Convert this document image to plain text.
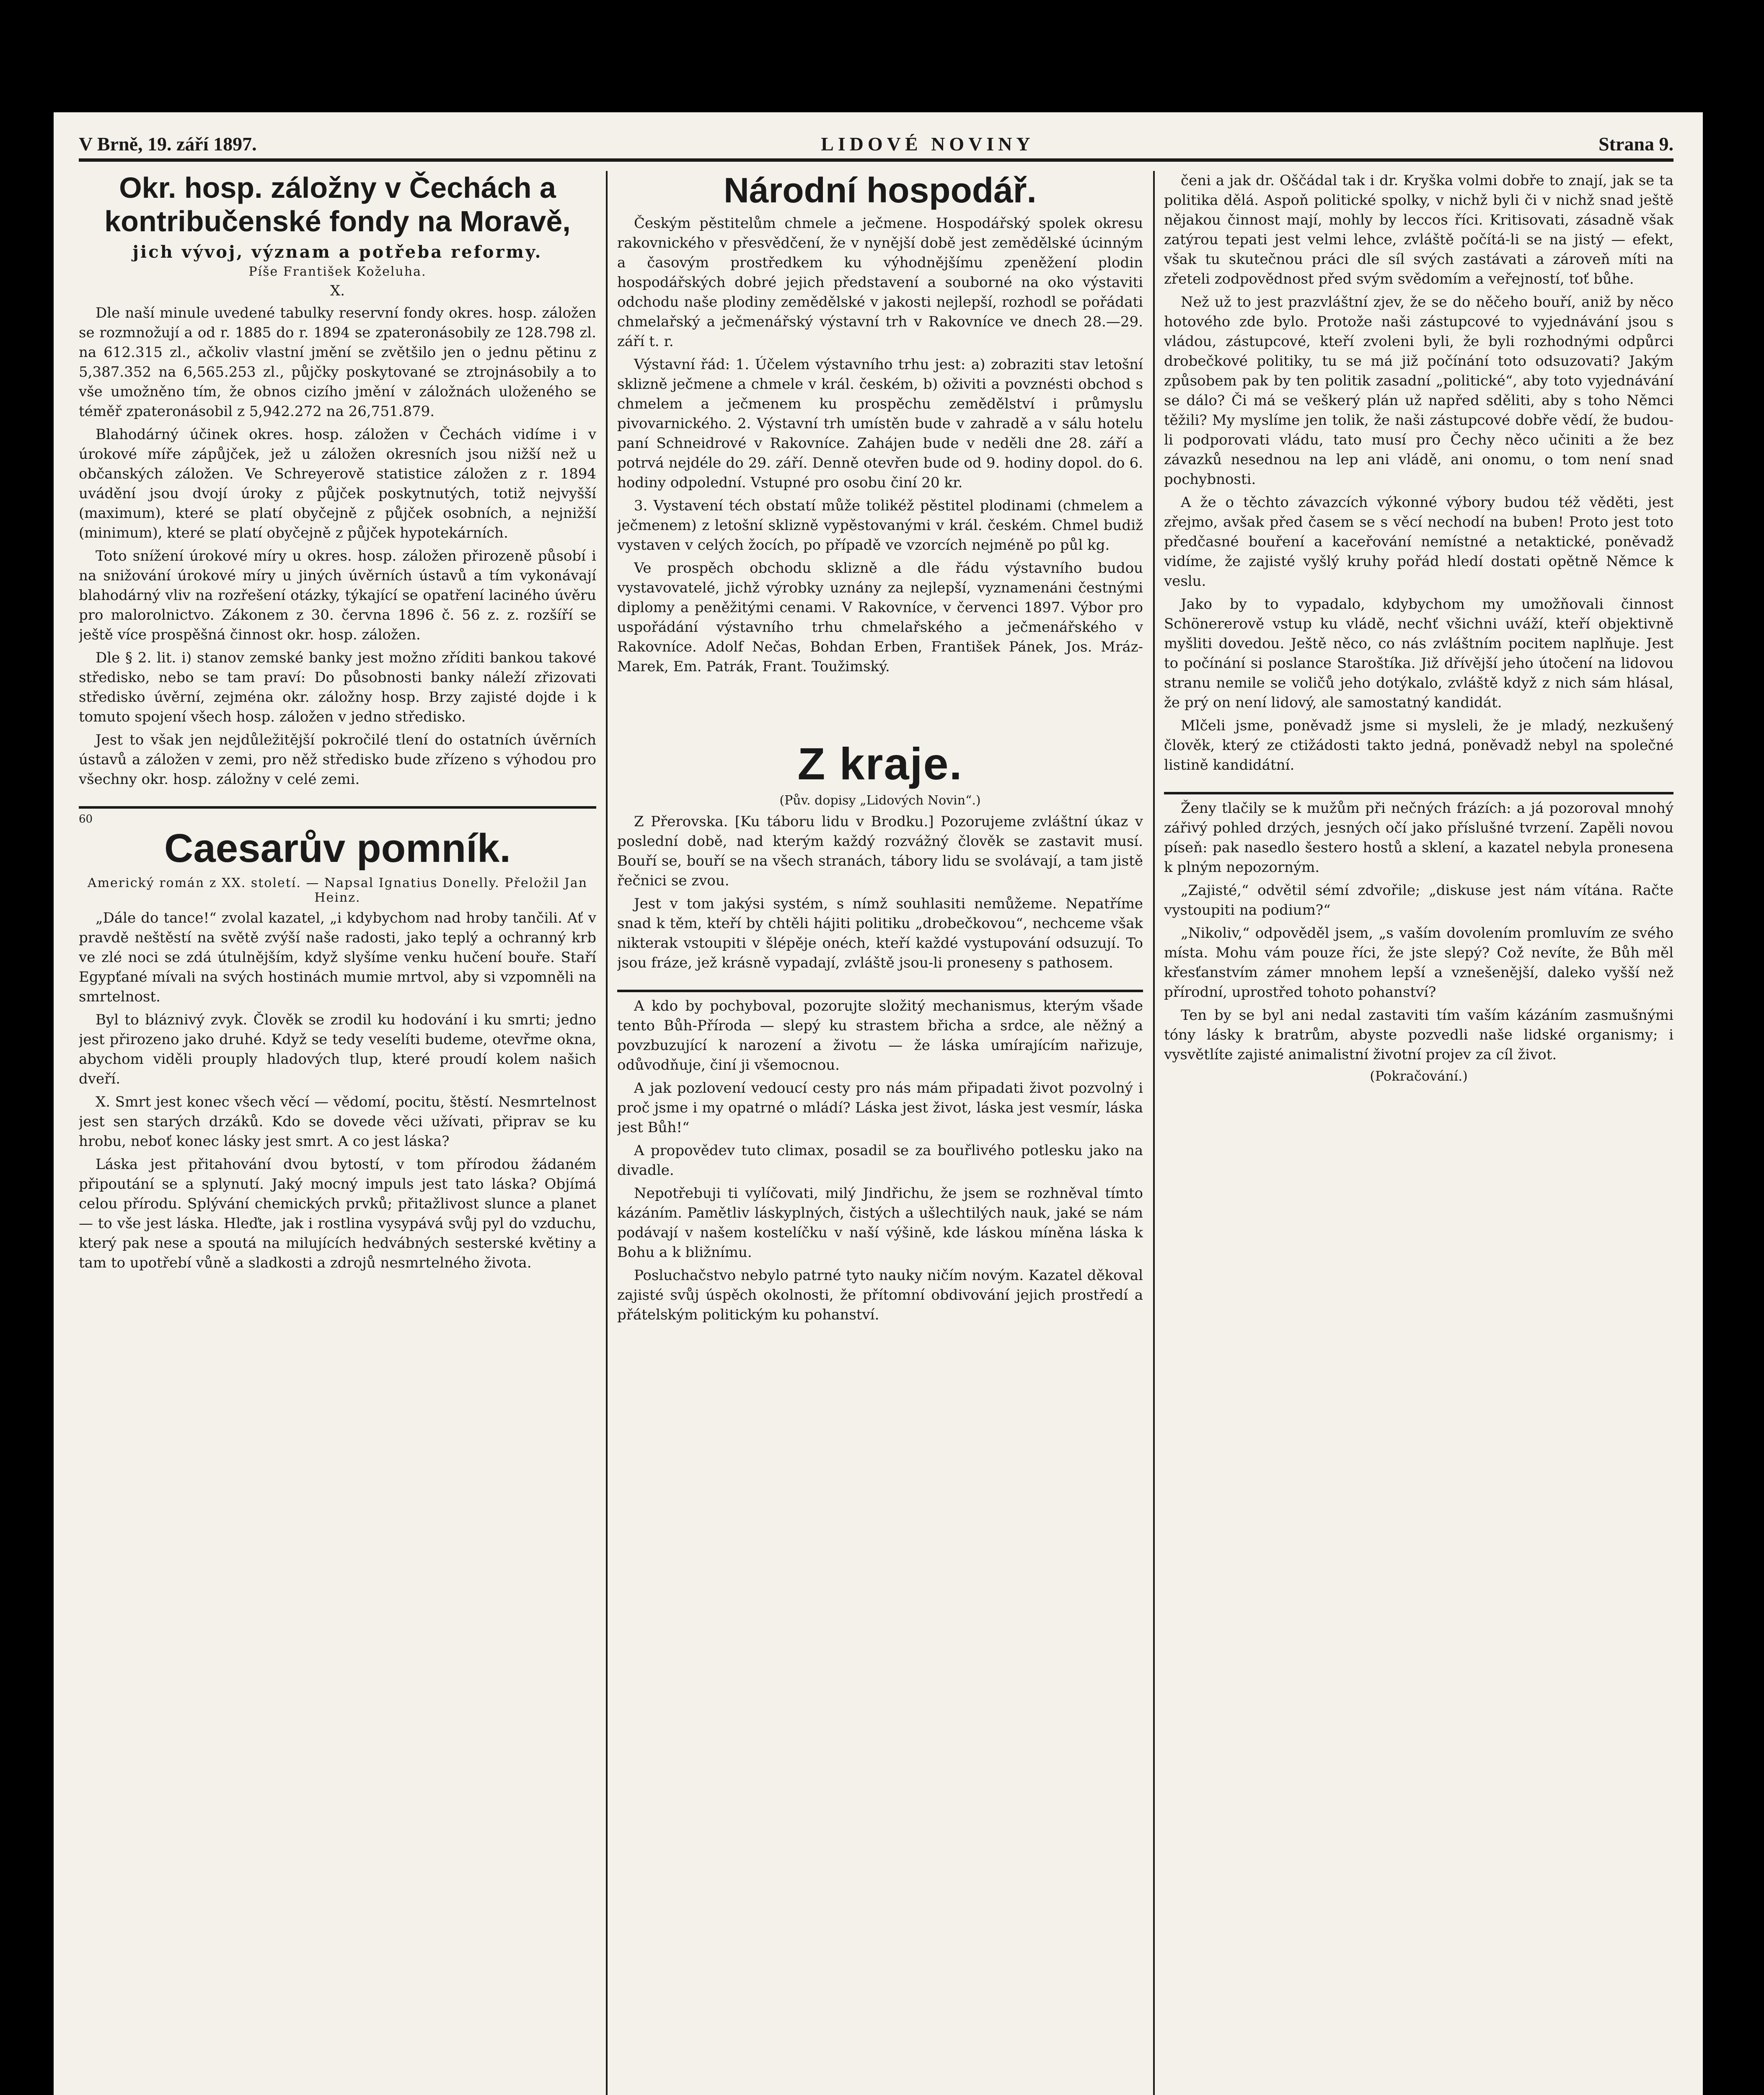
V Brně, 19. září 1897.	LIDOVÉ NOVINY	Strana 9.
Okr. hosp. záložny v Čechách a kontribučenské fondy na Moravě,
jich vývoj, význam a potřeba reformy.
Píše František Koželuha.
X.

Dle naší minule uvedené tabulky reservní fondy okres. hosp. záložen se rozmnožují a od r. 1885 do r. 1894 se zpateronásobily ze 128.798 zl. na 612.315 zl., ačkoliv vlastní jmění se zvětšilo jen o jednu pětinu z 5,387.352 na 6,565.253 zl., půjčky poskytované se ztrojnásobily a to vše umožněno tím, že obnos cizího jmění v záložnách uloženého se téměř zpateronásobil z 5,942.272 na 26,751.879.

Blahodárný účinek okres. hosp. záložen v Čechách vidíme i v úrokové míře zápůjček, jež u záložen okresních jsou nižší než u občanských záložen. Ve Schreyerově statistice záložen z r. 1894 uvádění jsou dvojí úroky z půjček poskytnutých, totiž nejvyšší (maximum), které se platí obyčejně z půjček osobních, a nejnižší (minimum), které se platí obyčejně z půjček hypotekárních.

Toto snížení úrokové míry u okres. hosp. záložen přirozeně působí i na snižování úrokové míry u jiných úvěrních ústavů a tím vykonávají blahodárný vliv na rozřešení otázky, týkající se opatření laciného úvěru pro malorolnictvo. Zákonem z 30. června 1896 č. 56 z. z. rozšíří se ještě více prospěšná činnost okr. hosp. záložen.

Dle § 2. lit. i) stanov zemské banky jest možno zříditi bankou takové středisko, nebo se tam praví: Do působnosti banky náleží zřizovati středisko úvěrní, zejména okr. záložny hosp. Brzy zajisté dojde i k tomuto spojení všech hosp. záložen v jedno středisko.

Jest to však jen nejdůležitější pokročilé tlení do ostatních úvěrních ústavů a záložen v zemi, pro něž středisko bude zřízeno s výhodou pro všechny okr. hosp. záložny v celé zemi.

60
Caesarův pomník.
Americký román z XX. století. — Napsal Ignatius Donelly. Přeložil Jan Heinz.

„Dále do tance!“ zvolal kazatel, „i kdybychom nad hroby tančili. Ať v pravdě neštěstí na světě zvýší naše radosti, jako teplý a ochranný krb ve zlé noci se zdá útulnějším, když slyšíme venku hučení bouře. Staří Egypťané mívali na svých hostinách mumie mrtvol, aby si vzpomněli na smrtelnost.

Byl to bláznivý zvyk. Člověk se zrodil ku hodování i ku smrti; jedno jest přirozeno jako druhé. Když se tedy veselíti budeme, otevřme okna, abychom viděli prouply hladových tlup, které proudí kolem našich dveří.

X. Smrt jest konec všech věcí — vědomí, pocitu, štěstí. Nesmrtelnost jest sen starých drzáků. Kdo se dovede věci užívati, připrav se ku hrobu, neboť konec lásky jest smrt. A co jest láska?

Láska jest přitahování dvou bytostí, v tom přírodou žádaném připoutání se a splynutí. Jaký mocný impuls jest tato láska? Objímá celou přírodu. Splývání chemických prvků; přitažlivost slunce a planet — to vše jest láska. Hleďte, jak i rostlina vysypává svůj pyl do vzduchu, který pak nese a spoutá na milujících hedvábných sesterské květiny a tam to upotřebí vůně a sladkosti a zdrojů nesmrtelného života.

Národní hospodář.

Českým pěstitelům chmele a ječmene. Hospodářský spolek okresu rakovnického v přesvědčení, že v nynější době jest zemědělské úcinným a časovým prostředkem ku výhodnějšímu zpeněžení plodin hospodářských dobré jejich představení a souborné na oko výstaviti odchodu naše plodiny zemědělské v jakosti nejlepší, rozhodl se pořádati chmelařský a ječmenářský výstavní trh v Rakovníce ve dnech 28.—29. září t. r.

Výstavní řád: 1. Účelem výstavního trhu jest: a) zobraziti stav letošní sklizně ječmene a chmele v král. českém, b) oživiti a povznésti obchod s chmelem a ječmenem ku prospěchu zemědělství i průmyslu pivovarnického. 2. Výstavní trh umístěn bude v zahradě a v sálu hotelu paní Schneidrové v Rakovníce. Zahájen bude v neděli dne 28. září a potrvá nejdéle do 29. září. Denně otevřen bude od 9. hodiny dopol. do 6. hodiny odpolední. Vstupné pro osobu činí 20 kr.

3. Vystavení téch obstatí může tolikéž pěstitel plodinami (chmelem a ječmenem) z letošní sklizně vypěstovanými v král. českém. Chmel budiž vystaven v celých žocích, po případě ve vzorcích nejméně po půl kg.

Ve prospěch obchodu sklizně a dle řádu výstavního budou vystavovatelé, jichž výrobky uznány za nejlepší, vyznamenáni čestnými diplomy a peněžitými cenami. V Rakovníce, v červenci 1897. Výbor pro uspořádání výstavního trhu chmelařského a ječmenářského v Rakovníce. Adolf Nečas, Bohdan Erben, František Pánek, Jos. Mráz-Marek, Em. Patrák, Frant. Toužimský.

Z kraje.
(Pův. dopisy „Lidových Novin“.)

Z Přerovska. [Ku táboru lidu v Brodku.] Pozorujeme zvláštní úkaz v poslední době, nad kterým každý rozvážný člověk se zastavit musí. Bouří se, bouří se na všech stranách, tábory lidu se svolávají, a tam jistě řečnici se zvou.

Jest v tom jakýsi systém, s nímž souhlasiti nemůžeme. Nepatříme snad k těm, kteří by chtěli hájiti politiku „drobečkovou“, nechceme však nikterak vstoupiti v šlépěje onéch, kteří každé vystupování odsuzují. To jsou fráze, jež krásně vypadají, zvláště jsou-li proneseny s pathosem.

A kdo by pochyboval, pozorujte složitý mechanismus, kterým všade tento Bůh-Příroda — slepý ku strastem břicha a srdce, ale něžný a povzbuzující k narození a životu — že láska umírajícím nařizuje, odůvodňuje, činí ji všemocnou.

A jak pozlovení vedoucí cesty pro nás mám připadati život pozvolný i proč jsme i my opatrné o mládí? Láska jest život, láska jest vesmír, láska jest Bůh!“

A propovědev tuto climax, posadil se za bouřlivého potlesku jako na divadle.

Nepotřebuji ti vylíčovati, milý Jindřichu, že jsem se rozhněval tímto kázáním. Pamětliv láskyplných, čistých a ušlechtilých nauk, jaké se nám podávají v našem kostelíčku v naší výšině, kde láskou míněna láska k Bohu a k bližnímu.

Posluchačstvo nebylo patrné tyto nauky ničím novým. Kazatel děkoval zajisté svůj úspěch okolnosti, že přítomní obdivování jejich prostředí a přátelským politickým ku pohanství.

čeni a jak dr. Oščádal tak i dr. Kryška volmi dobře to znají, jak se ta politika dělá. Aspoň politické spolky, v nichž byli či v nichž snad ještě nějakou činnost mají, mohly by leccos říci. Kritisovati, zásadně však zatýrou tepati jest velmi lehce, zvláště počítá-li se na jistý — efekt, však tu skutečnou práci dle síl svých zastávati a zároveň míti na zřeteli zodpovědnost před svým svědomím a veřejností, toť bůhe.

Než už to jest prazvláštní zjev, že se do něčeho bouří, aniž by něco hotového zde bylo. Protože naši zástupcové to vyjednávání jsou s vládou, zástupcové, kteří zvoleni byli, že byli rozhodnými odpůrci drobečkové politiky, tu se má již počínání toto odsuzovati? Jakým způsobem pak by ten politik zasadní „politické“, aby toto vyjednávání se dálo? Či má se veškerý plán už napřed sděliti, aby s toho Němci těžili? My myslíme jen tolik, že naši zástupcové dobře vědí, že budou-li podporovati vládu, tato musí pro Čechy něco učiniti a že bez závazků nesednou na lep ani vládě, ani onomu, o tom není snad pochybnosti.

A že o těchto závazcích výkonné výbory budou též věděti, jest zřejmo, avšak před časem se s věcí nechodí na buben! Proto jest toto předčasné bouření a kaceřování nemístné a netaktické, poněvadž vidíme, že zajisté vyšlý kruhy pořád hledí dostati opětně Němce k veslu.

Jako by to vypadalo, kdybychom my umožňovali činnost Schönererově vstup ku vládě, nechť všichni uváží, kteří objektivně myšliti dovedou. Ještě něco, co nás zvláštním pocitem naplňuje. Jest to počínání si poslance Staroštíka. Již dřívější jeho útočení na lidovou stranu nemile se voličů jeho dotýkalo, zvláště když z nich sám hlásal, že prý on není lidový, ale samostatný kandidát.

Mlčeli jsme, poněvadž jsme si mysleli, že je mladý, nezkušený člověk, který ze ctižádosti takto jedná, poněvadž nebyl na společné listině kandidátní.

Ženy tlačily se k mužům při nečných frázích: a já pozoroval mnohý zářivý pohled drzých, jesných očí jako příslušné tvrzení. Zapěli novou píseň: pak nasedlo šestero hostů a sklení, a kazatel nebyla pronesena k plným nepozorným.

„Zajisté,“ odvětil sémí zdvořile; „diskuse jest nám vítána. Račte vystoupiti na podium?“

„Nikoliv,“ odpověděl jsem, „s vaším dovolením promluvím ze svého místa. Mohu vám pouze říci, že jste slepý? Což nevíte, že Bůh měl křesťanstvím zámer mnohem lepší a vznešenější, daleko vyšší než přírodní, uprostřed tohoto pohanství?

Ten by se byl ani nedal zastaviti tím vaším kázáním zasmušnými tóny lásky k bratrům, abyste pozvedli naše lidské organismy; i vysvětlíte zajisté animalistní životní projev za cíl život.

(Pokračování.)
